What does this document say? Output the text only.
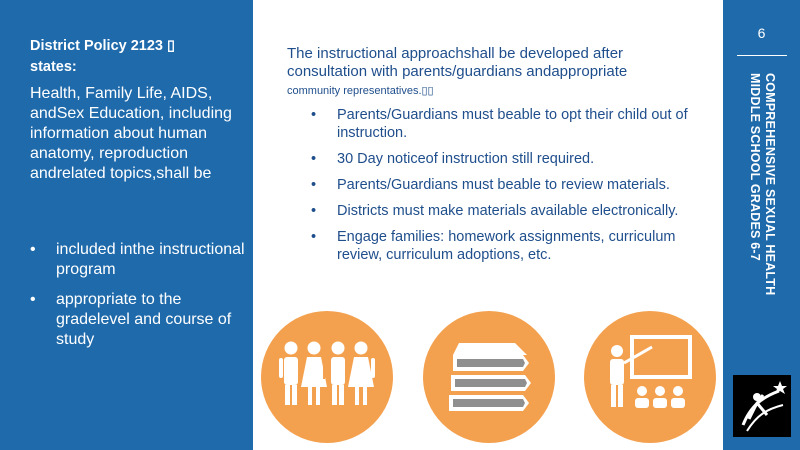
District Policy 2123 ▯
states:

Health, Family Life, AIDS, andSex Education, including information about human anatomy, reproduction andrelated topics,shall be

• included inthe instructional program
• appropriate to the gradelevel and course of study

The instructional approachshall be developed after consultation with parents/guardians andappropriate
community representatives.▯▯

• Parents/Guardians must beable to opt their child out of instruction.
• 30 Day noticeof instruction still required.
• Parents/Guardians must beable to review materials.
• Districts must make materials available electronically.
• Engage families: homework assignments, curriculum review, curriculum adoptions, etc.

6

COMPREHENSIVE SEXUAL HEALTH
MIDDLE SCHOOL GRADES 6-7
